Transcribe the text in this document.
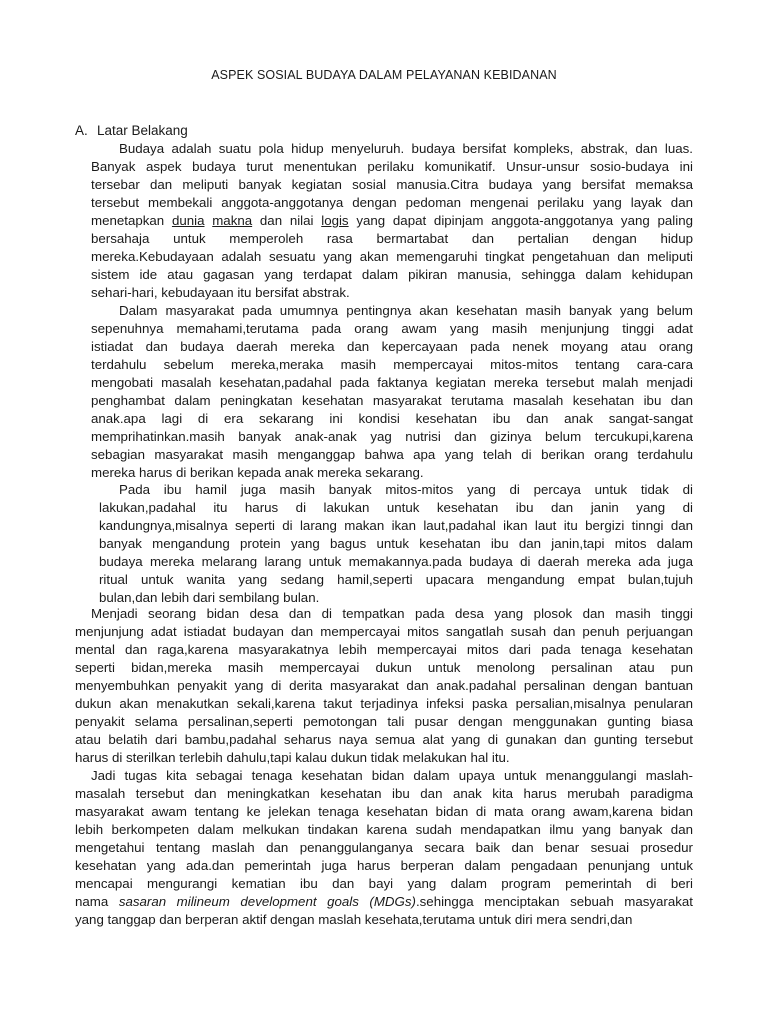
ASPEK SOSIAL BUDAYA DALAM PELAYANAN KEBIDANAN
A. Latar Belakang
Budaya adalah suatu pola hidup menyeluruh. budaya bersifat kompleks, abstrak, dan luas.
Banyak aspek budaya turut menentukan perilaku komunikatif. Unsur-unsur sosio-budaya ini
tersebar dan meliputi banyak kegiatan sosial manusia.Citra budaya yang bersifat memaksa
tersebut membekali anggota-anggotanya dengan pedoman mengenai perilaku yang layak dan
menetapkan dunia makna dan nilai logis yang dapat dipinjam anggota-anggotanya yang paling
bersahaja untuk memperoleh rasa bermartabat dan pertalian dengan hidup
mereka.Kebudayaan adalah sesuatu yang akan memengaruhi tingkat pengetahuan dan meliputi
sistem ide atau gagasan yang terdapat dalam pikiran manusia, sehingga dalam kehidupan
sehari-hari, kebudayaan itu bersifat abstrak.
Dalam masyarakat pada umumnya pentingnya akan kesehatan masih banyak yang belum
sepenuhnya memahami,terutama pada orang awam yang masih menjunjung tinggi adat
istiadat dan budaya daerah mereka dan kepercayaan pada nenek moyang atau orang
terdahulu sebelum mereka,meraka masih mempercayai mitos-mitos tentang cara-cara
mengobati masalah kesehatan,padahal pada faktanya kegiatan mereka tersebut malah menjadi
penghambat dalam peningkatan kesehatan masyarakat terutama masalah kesehatan ibu dan
anak.apa lagi di era sekarang ini kondisi kesehatan ibu dan anak sangat-sangat
memprihatinkan.masih banyak anak-anak yag nutrisi dan gizinya belum tercukupi,karena
sebagian masyarakat masih menganggap bahwa apa yang telah di berikan orang terdahulu
mereka harus di berikan kepada anak mereka sekarang.
Pada ibu hamil juga masih banyak mitos-mitos yang di percaya untuk tidak di
lakukan,padahal itu harus di lakukan untuk kesehatan ibu dan janin yang di
kandungnya,misalnya seperti di larang makan ikan laut,padahal ikan laut itu bergizi tinngi dan
banyak mengandung protein yang bagus untuk kesehatan ibu dan janin,tapi mitos dalam
budaya mereka melarang larang untuk memakannya.pada budaya di daerah mereka ada juga
ritual untuk wanita yang sedang hamil,seperti upacara mengandung empat bulan,tujuh
bulan,dan lebih dari sembilang bulan.
Menjadi seorang bidan desa dan di tempatkan pada desa yang plosok dan masih tinggi
menjunjung adat istiadat budayan dan mempercayai mitos sangatlah susah dan penuh perjuangan
mental dan raga,karena masyarakatnya lebih mempercayai mitos dari pada tenaga kesehatan
seperti bidan,mereka masih mempercayai dukun untuk menolong persalinan atau pun
menyembuhkan penyakit yang di derita masyarakat dan anak.padahal persalinan dengan bantuan
dukun akan menakutkan sekali,karena takut terjadinya infeksi paska persalian,misalnya penularan
penyakit selama persalinan,seperti pemotongan tali pusar dengan menggunakan gunting biasa
atau belatih dari bambu,padahal seharus naya semua alat yang di gunakan dan gunting tersebut
harus di sterilkan terlebih dahulu,tapi kalau dukun tidak melakukan hal itu.
Jadi tugas kita sebagai tenaga kesehatan bidan dalam upaya untuk menanggulangi maslah-
masalah tersebut dan meningkatkan kesehatan ibu dan anak kita harus merubah paradigma
masyarakat awam tentang ke jelekan tenaga kesehatan bidan di mata orang awam,karena bidan
lebih berkompeten dalam melkukan tindakan karena sudah mendapatkan ilmu yang banyak dan
mengetahui tentang maslah dan penanggulanganya secara baik dan benar sesuai prosedur
kesehatan yang ada.dan pemerintah juga harus berperan dalam pengadaan penunjang untuk
mencapai mengurangi kematian ibu dan bayi yang dalam program pemerintah di beri
nama sasaran milineum development goals (MDGs).sehingga menciptakan sebuah masyarakat
yang tanggap dan berperan aktif dengan maslah kesehata,terutama untuk diri mera sendri,dan
